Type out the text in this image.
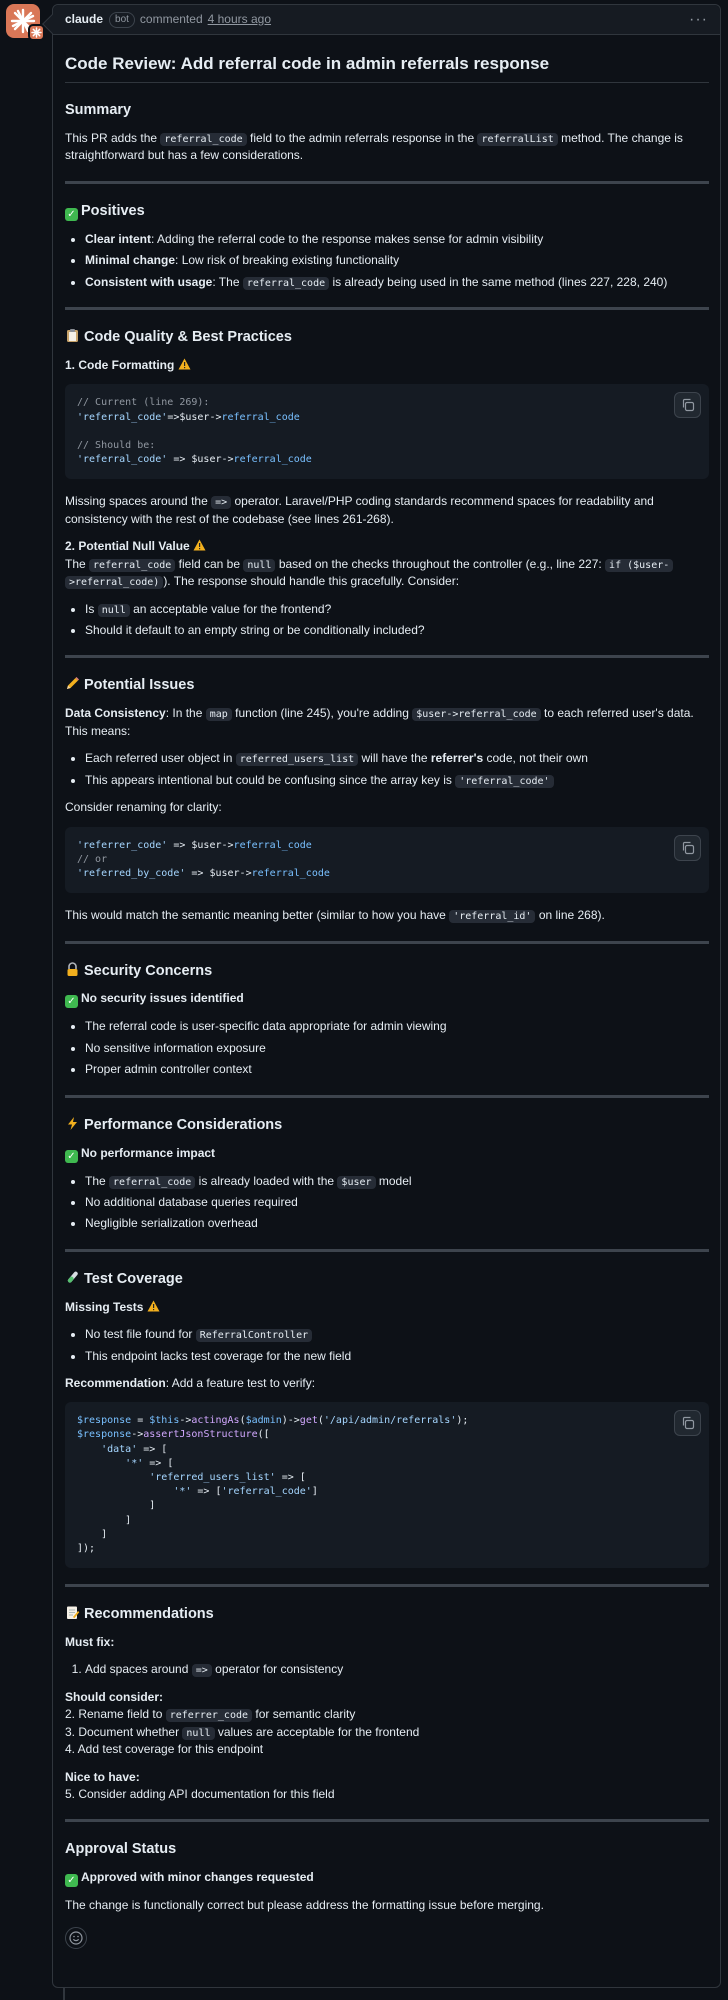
claude	bot commented 4 hours ago	···
Code Review: Add referral code in admin referrals response
Summary

This PR adds the referral_code field to the admin referrals response in the referralList method. The change is straightforward but has a few considerations.

✓ Positives
• Clear intent: Adding the referral code to the response makes sense for admin visibility
• Minimal change: Low risk of breaking existing functionality
• Consistent with usage: The referral_code is already being used in the same method (lines 227, 228, 240)
Code Quality & Best Practices

1. Code Formatting

// Current (line 269):
'referral_code'=>$user->referral_code

// Should be:
'referral_code' => $user->referral_code

Missing spaces around the => operator. Laravel/PHP coding standards recommend spaces for readability and consistency with the rest of the codebase (see lines 261-268).

2. Potential Null Value

The referral_code field can be null based on the checks throughout the controller (e.g., line 227: if ($user-
>referral_code) ). The response should handle this gracefully. Consider:

• Is null an acceptable value for the frontend?
• Should it default to an empty string or be conditionally included?
Potential Issues

Data Consistency: In the map function (line 245), you're adding $user->referral_code to each referred user's data. This means:

• Each referred user object in referred_users_list will have the referrer's code, not their own
• This appears intentional but could be confusing since the array key is 'referral_code'

Consider renaming for clarity:

'referrer_code' => $user->referral_code
// or
'referred_by_code' => $user->referral_code

This would match the semantic meaning better (similar to how you have 'referral_id' on line 268).

Security Concerns

✓ No security issues identified

• The referral code is user-specific data appropriate for admin viewing
• No sensitive information exposure
• Proper admin controller context
Performance Considerations

✓ No performance impact

• The referral_code is already loaded with the $user model
• No additional database queries required
• Negligible serialization overhead
Test Coverage

Missing Tests

• No test file found for ReferralController
• This endpoint lacks test coverage for the new field

Recommendation: Add a feature test to verify:

$response = $this->actingAs($admin)->get('/api/admin/referrals');
$response->assertJsonStructure([
'data' => [
'*' => [
'referred_users_list' => [
'*' => ['referral_code']
]
]
]
]);
Recommendations

Must fix:

1. Add spaces around => operator for consistency

Should consider:

2. Rename field to referrer_code for semantic clarity

3. Document whether null values are acceptable for the frontend

4. Add test coverage for this endpoint

Nice to have:

5. Consider adding API documentation for this field

Approval Status

✓ Approved with minor changes requested

The change is functionally correct but please address the formatting issue before merging.
